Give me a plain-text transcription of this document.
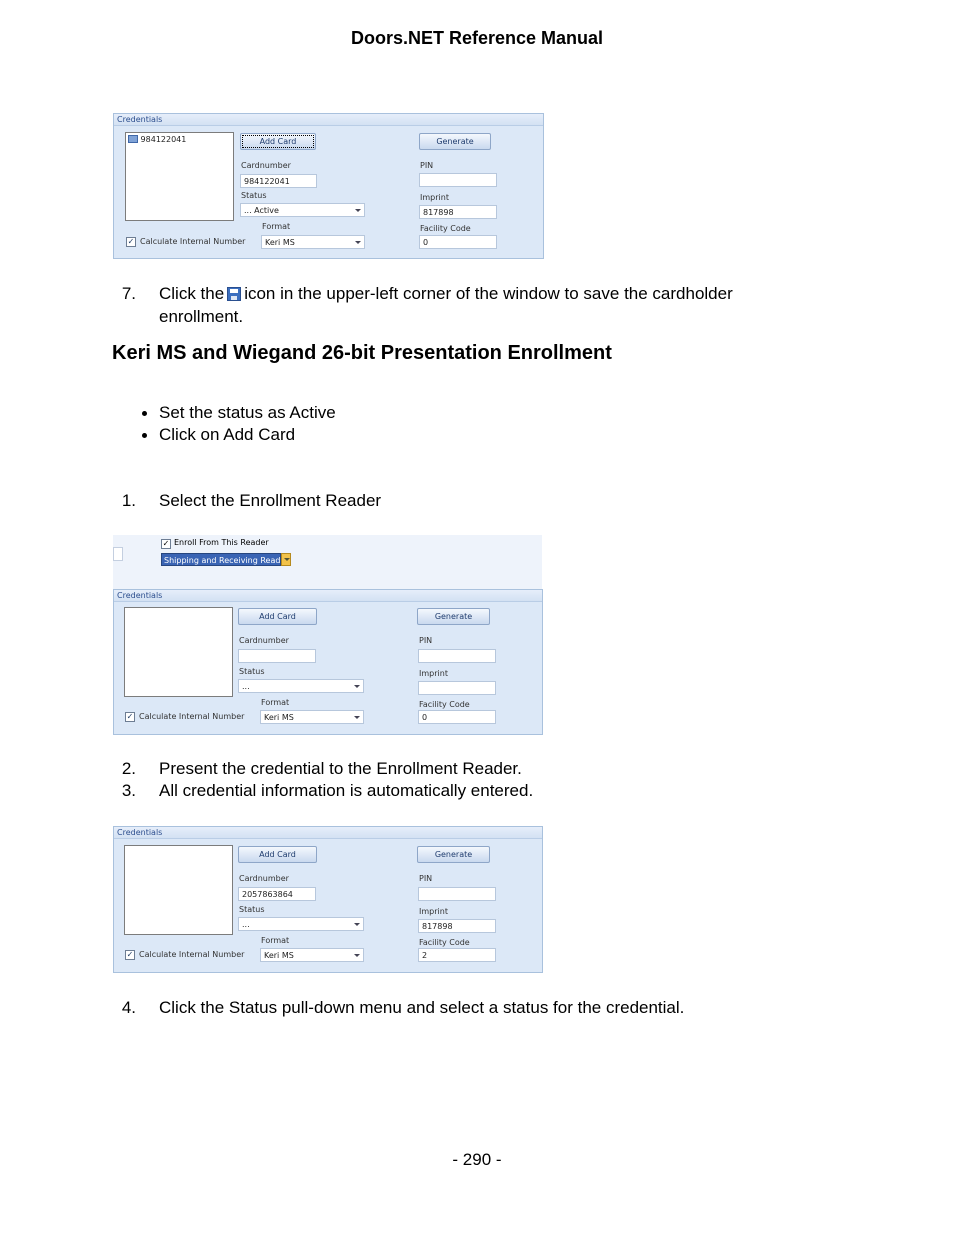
Doors.NET Reference Manual
Credentials
984122041	Add Card	Generate
Cardnumber
984122041
Status
... Active
Format
Keri MS
✓ Calculate Internal Number
PIN
Imprint
817898
Facility Code
0
7. Click the icon in the upper-left corner of the window to save the cardholder
enrollment.
Keri MS and Wiegand 26-bit Presentation Enrollment
Set the status as Active
Click on Add Card
1. Select the Enrollment Reader
✓ Enroll From This Reader
Shipping and Receiving Read
Credentials
Add Card	Generate
Cardnumber
Status
...
Format
Keri MS
✓ Calculate Internal Number
PIN
Imprint
Facility Code
0
2. Present the credential to the Enrollment Reader.
3. All credential information is automatically entered.
Credentials
Add Card	Generate
Cardnumber
2057863864
Status
...
Format
Keri MS
✓ Calculate Internal Number
PIN
Imprint
817898
Facility Code
2
4. Click the Status pull-down menu and select a status for the credential.
- 290 -
